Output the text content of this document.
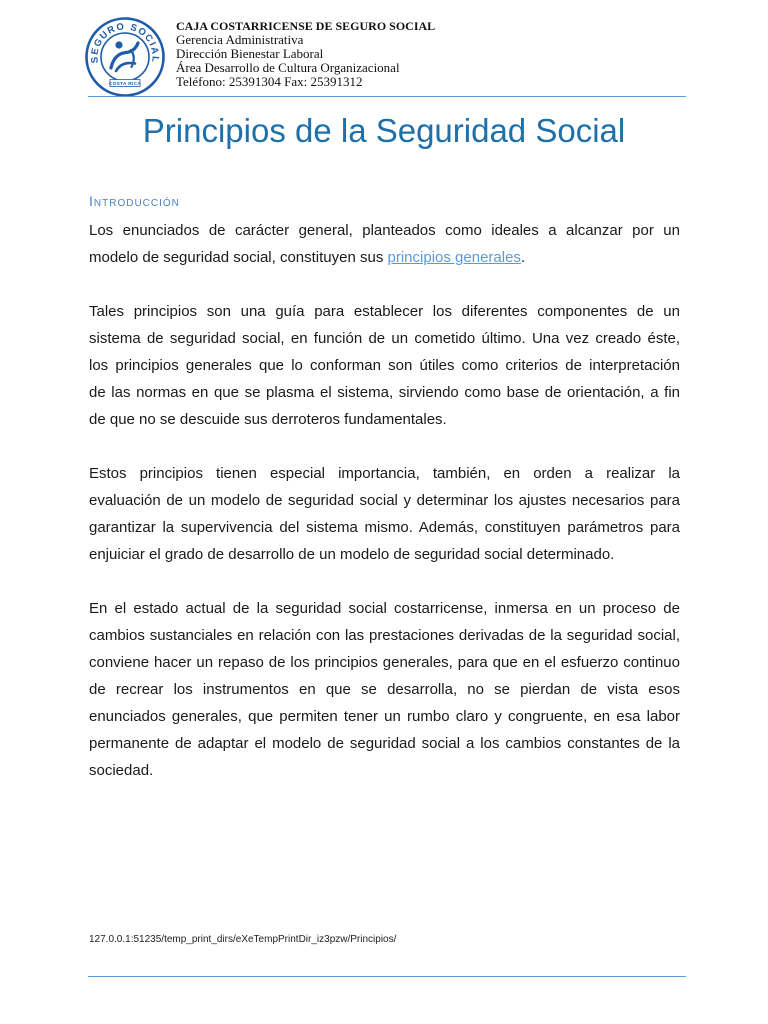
SEGURO SOCIAL
COSTA RICA
CAJA COSTARRICENSE DE SEGURO SOCIAL
Gerencia Administrativa
Dirección Bienestar Laboral
Área Desarrollo de Cultura Organizacional
Teléfono: 25391304 Fax: 25391312
Principios de la Seguridad Social
Introducción
Los enunciados de carácter general, planteados como ideales a alcanzar por un
modelo de seguridad social, constituyen sus principios generales.
Tales principios son una guía para establecer los diferentes componentes de un
sistema de seguridad social, en función de un cometido último. Una vez creado éste,
los principios generales que lo conforman son útiles como criterios de interpretación
de las normas en que se plasma el sistema, sirviendo como base de orientación, a fin
de que no se descuide sus derroteros fundamentales.
Estos principios tienen especial importancia, también, en orden a realizar la
evaluación de un modelo de seguridad social y determinar los ajustes necesarios para
garantizar la supervivencia del sistema mismo. Además, constituyen parámetros para
enjuiciar el grado de desarrollo de un modelo de seguridad social determinado.
En el estado actual de la seguridad social costarricense, inmersa en un proceso de
cambios sustanciales en relación con las prestaciones derivadas de la seguridad social,
conviene hacer un repaso de los principios generales, para que en el esfuerzo continuo
de recrear los instrumentos en que se desarrolla, no se pierdan de vista esos
enunciados generales, que permiten tener un rumbo claro y congruente, en esa labor
permanente de adaptar el modelo de seguridad social a los cambios constantes de la
sociedad.
127.0.0.1:51235/temp_print_dirs/eXeTempPrintDir_iz3pzw/Principios/
